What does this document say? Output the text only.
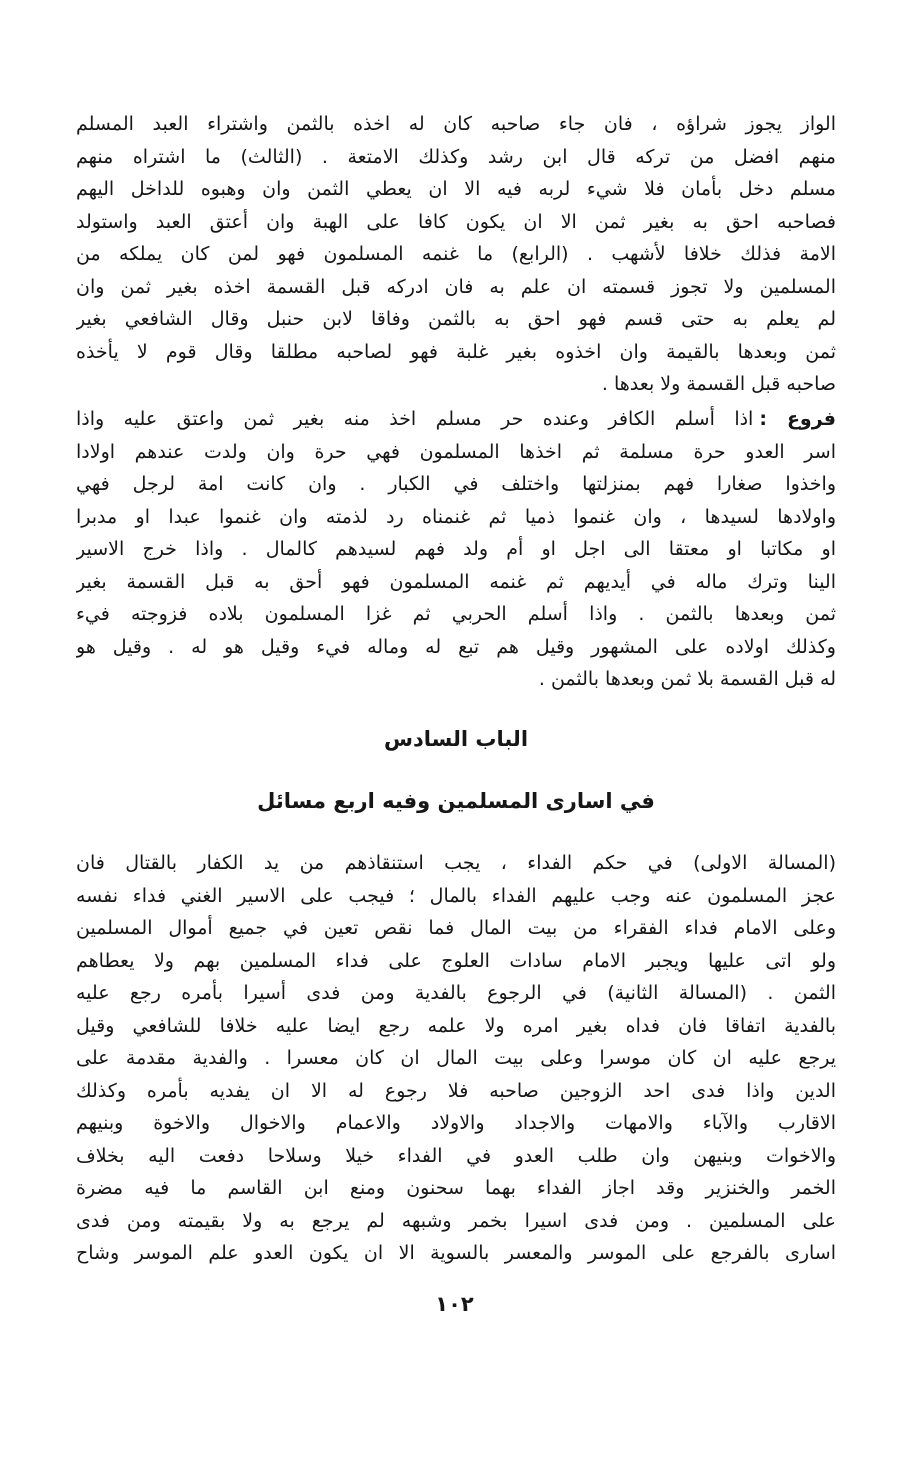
الواز يجوز شراؤه ، فان جاء صاحبه كان له اخذه بالثمن واشتراء العبد المسلم
منهم افضل من تركه قال ابن رشد وكذلك الامتعة . (الثالث) ما اشتراه منهم
مسلم دخل بأمان فلا شيء لربه فيه الا ان يعطي الثمن وان وهبوه للداخل اليهم
فصاحبه احق به بغير ثمن الا ان يكون كافا على الهبة وان أعتق العبد واستولد
الامة فذلك خلافا لأشهب . (الرابع) ما غنمه المسلمون فهو لمن كان يملكه من
المسلمين ولا تجوز قسمته ان علم به فان ادركه قبل القسمة اخذه بغير ثمن وان
لم يعلم به حتى قسم فهو احق به بالثمن وفاقا لابن حنبل وقال الشافعي بغير
ثمن وبعدها بالقيمة وان اخذوه بغير غلبة فهو لصاحبه مطلقا وقال قوم لا يأخذه
صاحبه قبل القسمة ولا بعدها .
فروع :اذا أسلم الكافر وعنده حر مسلم اخذ منه بغير ثمن واعتق عليه واذا
اسر العدو حرة مسلمة ثم اخذها المسلمون فهي حرة وان ولدت عندهم اولادا
واخذوا صغارا فهم بمنزلتها واختلف في الكبار . وان كانت امة لرجل فهي
واولادها لسيدها ، وان غنموا ذميا ثم غنمناه رد لذمته وان غنموا عبدا او مدبرا
او مكاتبا او معتقا الى اجل او أم ولد فهم لسيدهم كالمال . واذا خرج الاسير
الينا وترك ماله في أيديهم ثم غنمه المسلمون فهو أحق به قبل القسمة بغير
ثمن وبعدها بالثمن . واذا أسلم الحربي ثم غزا المسلمون بلاده فزوجته فيء
وكذلك اولاده على المشهور وقيل هم تبع له وماله فيء وقيل هو له . وقيل هو
له قبل القسمة بلا ثمن وبعدها بالثمن .
الباب السادس
في اسارى المسلمين وفيه اربع مسائل
(المسالة الاولى) في حكم الفداء ، يجب استنقاذهم من يد الكفار بالقتال فان
عجز المسلمون عنه وجب عليهم الفداء بالمال ؛ فيجب على الاسير الغني فداء نفسه
وعلى الامام فداء الفقراء من بيت المال فما نقص تعين في جميع أموال المسلمين
ولو اتى عليها ويجبر الامام سادات العلوج على فداء المسلمين بهم ولا يعطاهم
الثمن . (المسالة الثانية) في الرجوع بالفدية ومن فدى أسيرا بأمره رجع عليه
بالفدية اتفاقا فان فداه بغير امره ولا علمه رجع ايضا عليه خلافا للشافعي وقيل
يرجع عليه ان كان موسرا وعلى بيت المال ان كان معسرا . والفدية مقدمة على
الدين واذا فدى احد الزوجين صاحبه فلا رجوع له الا ان يفديه بأمره وكذلك
الاقارب والآباء والامهات والاجداد والاولاد والاعمام والاخوال والاخوة وبنيهم
والاخوات وبنيهن وان طلب العدو في الفداء خيلا وسلاحا دفعت اليه بخلاف
الخمر والخنزير وقد اجاز الفداء بهما سحنون ومنع ابن القاسم ما فيه مضرة
على المسلمين . ومن فدى اسيرا بخمر وشبهه لم يرجع به ولا بقيمته ومن فدى
اسارى بالفرجع على الموسر والمعسر بالسوية الا ان يكون العدو علم الموسر وشاح
١٠٢
